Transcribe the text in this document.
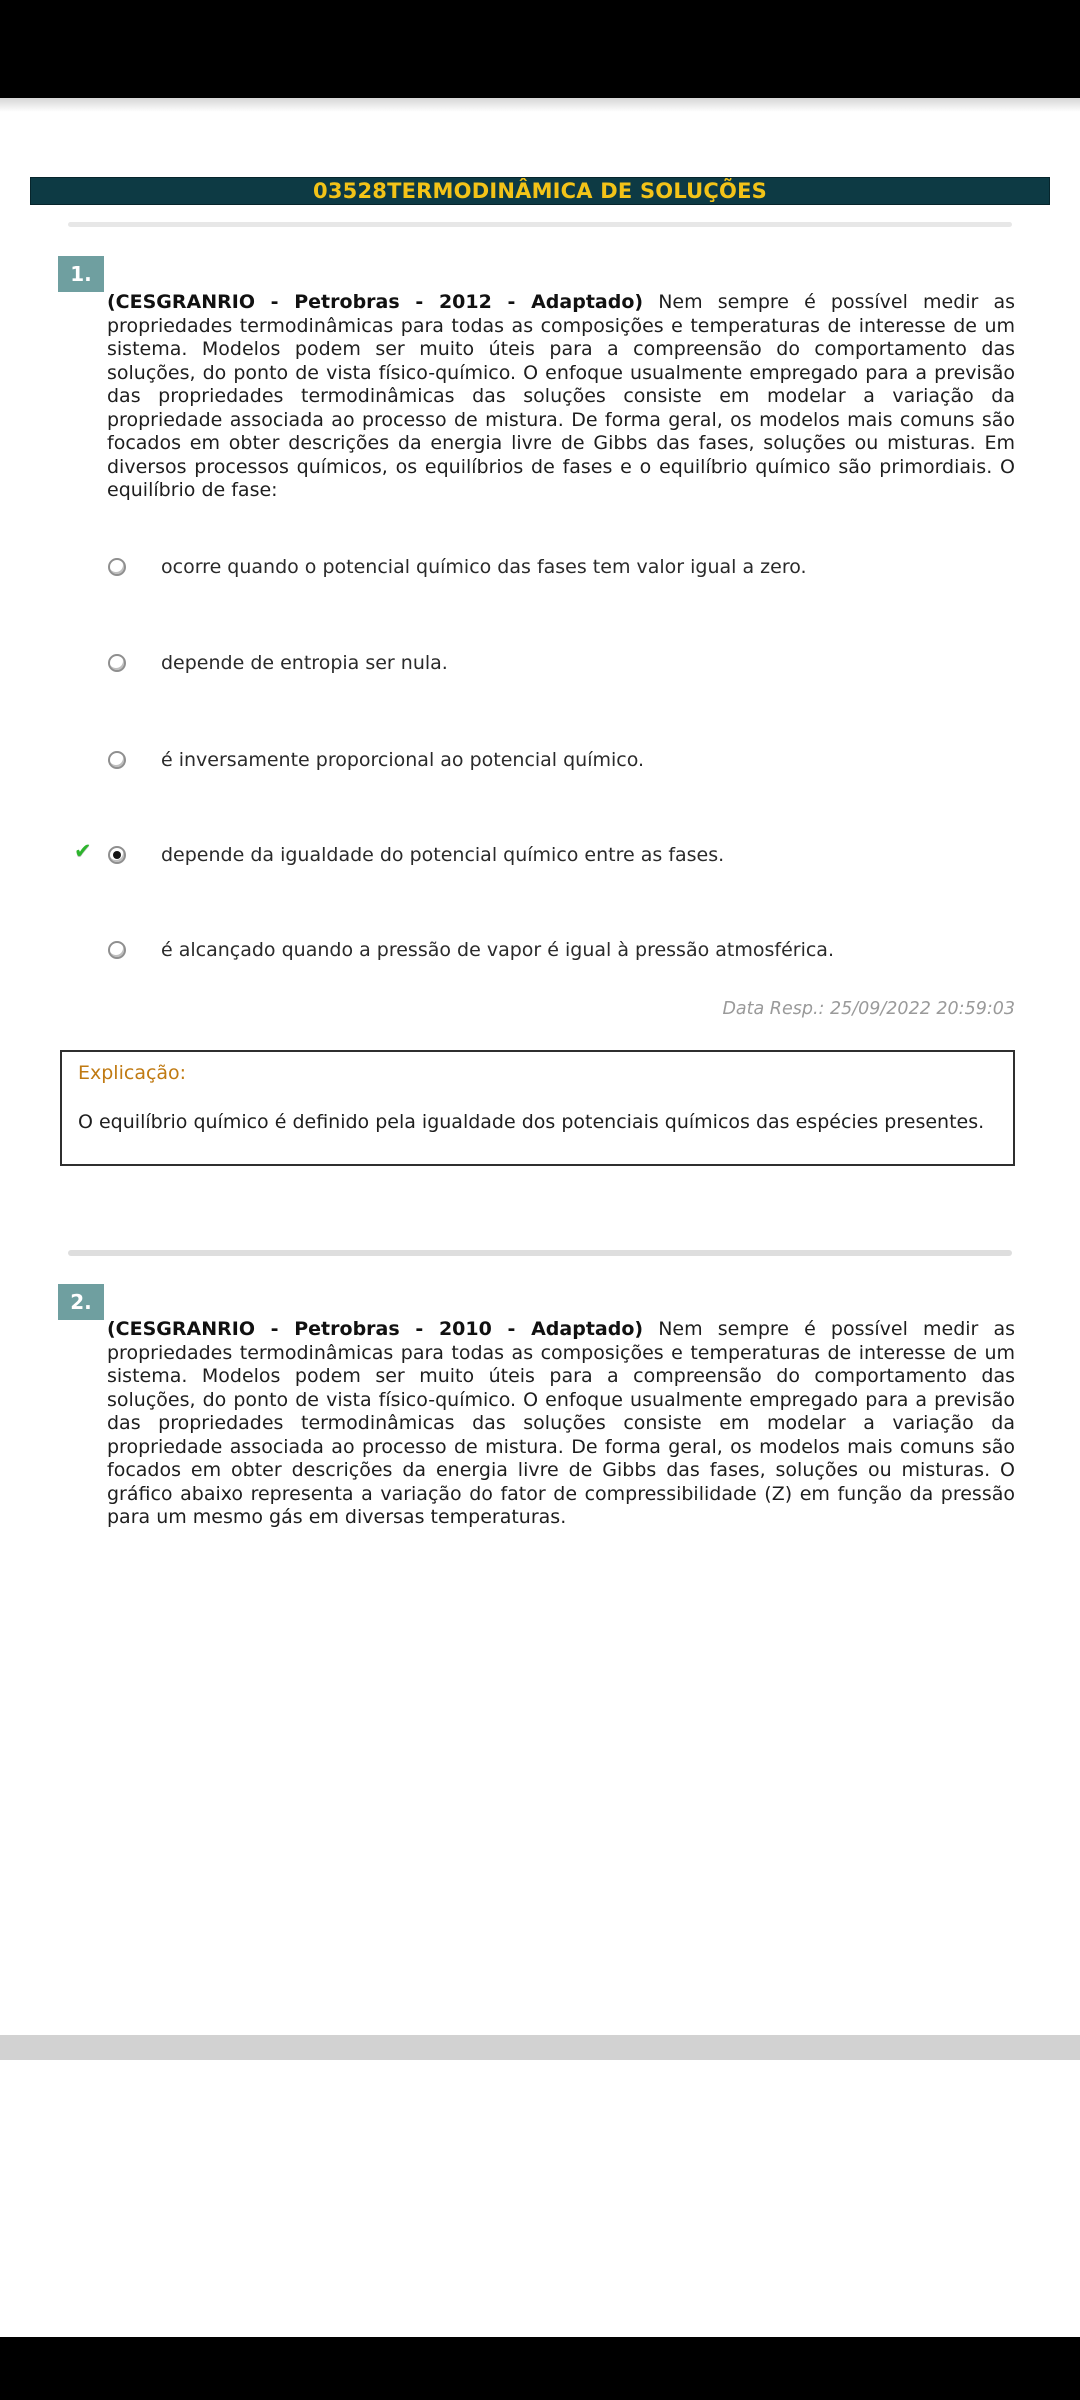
03528TERMODINÂMICA DE SOLUÇÕES
1.
(CESGRANRIO - Petrobras - 2012 - Adaptado) Nem sempre é possível medir as propriedades termodinâmicas para todas as composições e temperaturas de interesse de um sistema. Modelos podem ser muito úteis para a compreensão do comportamento das soluções, do ponto de vista físico-químico. O enfoque usualmente empregado para a previsão das propriedades termodinâmicas das soluções consiste em modelar a variação da propriedade associada ao processo de mistura. De forma geral, os modelos mais comuns são focados em obter descrições da energia livre de Gibbs das fases, soluções ou misturas. Em diversos processos químicos, os equilíbrios de fases e o equilíbrio químico são primordiais. O equilíbrio de fase:
ocorre quando o potencial químico das fases tem valor igual a zero.
depende de entropia ser nula.
é inversamente proporcional ao potencial químico.
✔	depende da igualdade do potencial químico entre as fases.
é alcançado quando a pressão de vapor é igual à pressão atmosférica.
Data Resp.: 25/09/2022 20:59:03
Explicação:
O equilíbrio químico é definido pela igualdade dos potenciais químicos das espécies presentes.
2.
(CESGRANRIO - Petrobras - 2010 - Adaptado) Nem sempre é possível medir as propriedades termodinâmicas para todas as composições e temperaturas de interesse de um sistema. Modelos podem ser muito úteis para a compreensão do comportamento das soluções, do ponto de vista físico-químico. O enfoque usualmente empregado para a previsão das propriedades termodinâmicas das soluções consiste em modelar a variação da propriedade associada ao processo de mistura. De forma geral, os modelos mais comuns são focados em obter descrições da energia livre de Gibbs das fases, soluções ou misturas. O gráfico abaixo representa a variação do fator de compressibilidade (Z) em função da pressão para um mesmo gás em diversas temperaturas.
